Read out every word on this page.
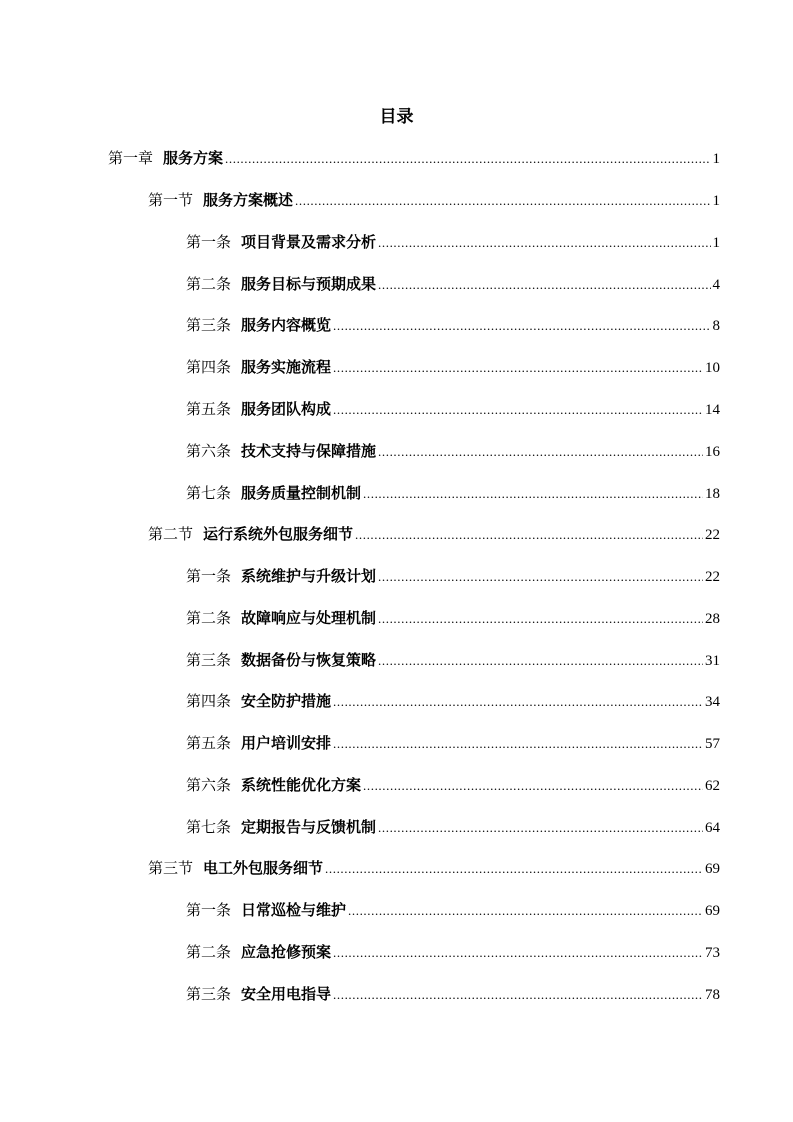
目录
第一章 服务方案 .....	1
第一节 服务方案概述 .....	1
第一条 项目背景及需求分析 .....	1
第二条 服务目标与预期成果 .....	4
第三条 服务内容概览 .....	8
第四条 服务实施流程 .....	10
第五条 服务团队构成 .....	14
第六条 技术支持与保障措施 .....	16
第七条 服务质量控制机制 .....	18
第二节 运行系统外包服务细节 .....	22
第一条 系统维护与升级计划 .....	22
第二条 故障响应与处理机制 .....	28
第三条 数据备份与恢复策略 .....	31
第四条 安全防护措施 .....	34
第五条 用户培训安排 .....	57
第六条 系统性能优化方案 .....	62
第七条 定期报告与反馈机制 .....	64
第三节 电工外包服务细节 .....	69
第一条 日常巡检与维护 .....	69
第二条 应急抢修预案 .....	73
第三条 安全用电指导 .....	78
